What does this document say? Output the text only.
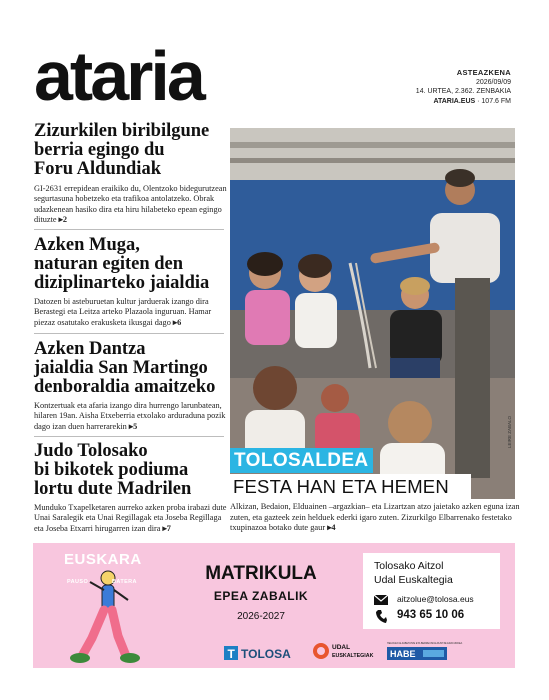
ataria	ASTEAZKENA
2026/09/09
14. URTEA, 2.362. ZENBAKIA
ATARIA.EUS · 107.6 FM
Zizurkilen biribilgune
berria egingo du
Foru Aldundiak
GI-2631 errepidean eraikiko du, Olentzoko bidegurutzean segurtasuna hobetzeko eta trafikoa antolatzeko. Obrak udazkenean hasiko dira eta hiru hilabeteko epean egingo dituzte ▸2
Azken Muga,
naturan egiten den
diziplinarteko jaialdia
Datozen bi asteburuetan kultur jarduerak izango dira Berastegi eta Leitza arteko Plazaola inguruan. Hamar piezaz osatutako erakusketa ikusgai dago ▸6
Azken Dantza
jaialdia San Martingo
denboraldia amaitzeko
Kontzertuak eta afaria izango dira hurrengo larunbatean, hilaren 19an. Aisha Etxeberria etxolako arduraduna pozik dago izan duen harrerarekin ▸5
Judo Tolosako
bi bikotek podiuma
lortu dute Madrilen
Munduko Txapelketaren aurreko azken proba irabazi dute Unai Saralegik eta Unai Regillagak eta Joseba Regillaga eta Joseba Etxarri hirugarren izan dira ▸7
LEIRE ZABALO
TOLOSALDEA
FESTA HAN ETA HEMEN
Alkizan, Bedaion, Elduainen –argazkian– eta Lizartzan atzo jaietako azken eguna izan zuten, eta gazteek zein helduek ederki igaro zuten. Zizurkilgo Elbarrenako festetako txupinazoa botako dute gaur ▸4
EUSKARA
PAUSO	BATERA	MATRIKULA
EPEA ZABALIK
2026-2027
Tolosako Aitzol
Udal Euskaltegia
aitzolue@tolosa.eus
943 65 10 06
T TOLOSA	UDAL
EUSKALTEGIAK
HELDUEN ALFABETATZE ETA BERREUSKALDUNTZE ERAKUNDEA
HABE
